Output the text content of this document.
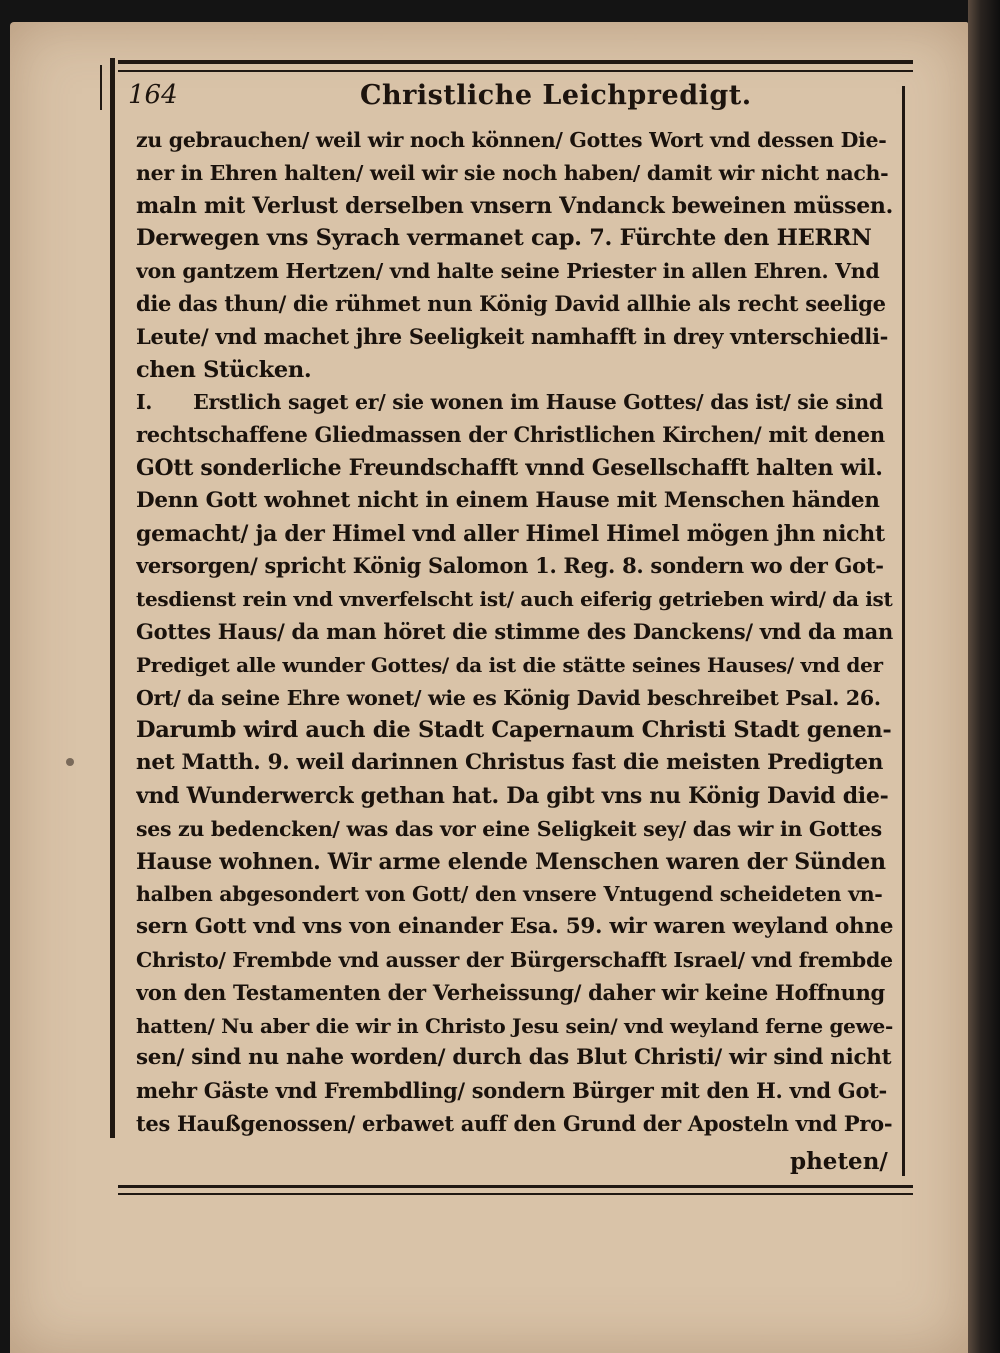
164	Christliche Leichpredigt.
zu gebrauchen/ weil wir noch können/ Gottes Wort vnd dessen Die-
ner in Ehren halten/ weil wir sie noch haben/ damit wir nicht nach-
maln mit Verlust derselben vnsern Vndanck beweinen müssen.
Derwegen vns Syrach vermanet cap. 7. Fürchte den HERRN
von gantzem Hertzen/ vnd halte seine Priester in allen Ehren. Vnd
die das thun/ die rühmet nun König David allhie als recht seelige
Leute/ vnd machet jhre Seeligkeit namhafft in drey vnterschiedli-
chen Stücken.
I.      Erstlich saget er/ sie wonen im Hause Gottes/ das ist/ sie sind
rechtschaffene Gliedmassen der Christlichen Kirchen/ mit denen
GOtt sonderliche Freundschafft vnnd Gesellschafft halten wil.
Denn Gott wohnet nicht in einem Hause mit Menschen händen
gemacht/ ja der Himel vnd aller Himel Himel mögen jhn nicht
versorgen/ spricht König Salomon 1. Reg. 8. sondern wo der Got-
tesdienst rein vnd vnverfelscht ist/ auch eiferig getrieben wird/ da ist
Gottes Haus/ da man höret die stimme des Danckens/ vnd da man
Prediget alle wunder Gottes/ da ist die stätte seines Hauses/ vnd der
Ort/ da seine Ehre wonet/ wie es König David beschreibet Psal. 26.
Darumb wird auch die Stadt Capernaum Christi Stadt genen-
net Matth. 9. weil darinnen Christus fast die meisten Predigten
vnd Wunderwerck gethan hat. Da gibt vns nu König David die-
ses zu bedencken/ was das vor eine Seligkeit sey/ das wir in Gottes
Hause wohnen. Wir arme elende Menschen waren der Sünden
halben abgesondert von Gott/ den vnsere Vntugend scheideten vn-
sern Gott vnd vns von einander Esa. 59. wir waren weyland ohne
Christo/ Frembde vnd ausser der Bürgerschafft Israel/ vnd frembde
von den Testamenten der Verheissung/ daher wir keine Hoffnung
hatten/ Nu aber die wir in Christo Jesu sein/ vnd weyland ferne gewe-
sen/ sind nu nahe worden/ durch das Blut Christi/ wir sind nicht
mehr Gäste vnd Frembdling/ sondern Bürger mit den H. vnd Got-
tes Haußgenossen/ erbawet auff den Grund der Aposteln vnd Pro-
pheten/
